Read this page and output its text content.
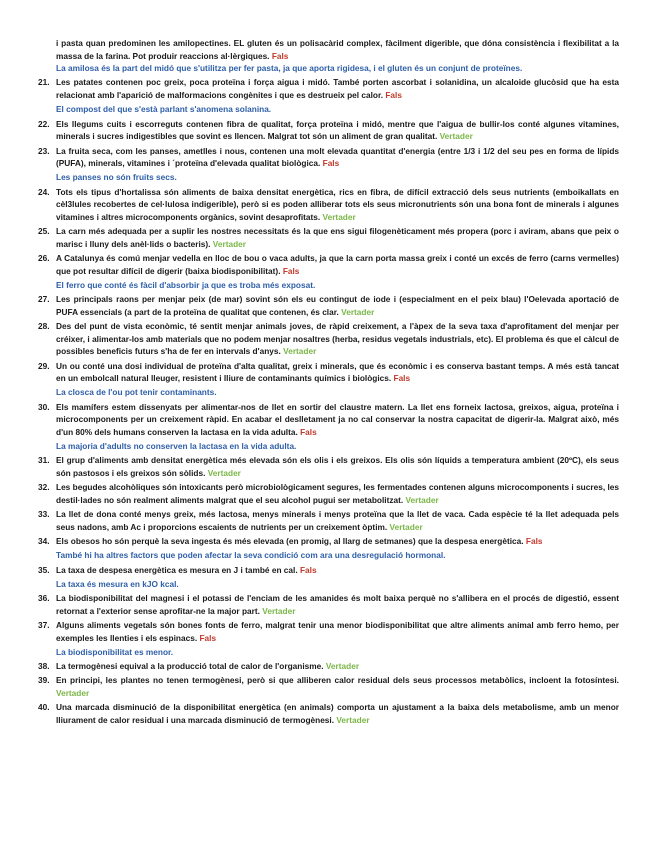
i pasta quan predominen les amilopectines. EL gluten és un polisacàrid complex, fàcilment digerible, que dóna consistència i flexibilitat a la massa de la farina. Pot produir reaccions al·lèrgiques. Fals
La amilosa és la part del midó que s'utilitza per fer pasta, ja que aporta rigidesa, i el gluten és un conjunt de proteïnes.
21. Les patates contenen poc greix, poca proteïna i força aigua i midó. També porten ascorbat i solanidina, un alcaloide glucòsid que ha esta relacionat amb l'aparició de malformacions congènites i que es destrueix pel calor. Fals
El compost del que s'està parlant s'anomena solanina.
22. Els llegums cuits i escorreguts contenen fibra de qualitat, força proteïna i midó, mentre que l'aigua de bullir-los conté algunes vitamines, minerals i sucres indigestibles que sovint es llencen. Malgrat tot són un aliment de gran qualitat. Vertader
23. La fruita seca, com les panses, ametlles i nous, contenen una molt elevada quantitat d'energia (entre 1/3 i 1/2 del seu pes en forma de lípids (PUFA), minerals, vitamines i ´proteïna d'elevada qualitat biològica. Fals
Les panses no són fruits secs.
24. Tots els tipus d'hortalissa són aliments de baixa densitat energètica, rics en fibra, de difícil extracció dels seus nutrients (emboikallats en cèl3lules recobertes de cel·lulosa indigerible), però si es poden alliberar tots els seus micronutrients són una bona font de minerals i algunes vitamines i altres microcomponents orgànics, sovint desaprofitats. Vertader
25. La carn més adequada per a suplir les nostres necessitats és la que ens sigui filogenèticament més propera (porc i aviram, abans que peix o marisc i lluny dels anèl·lids o bacteris). Vertader
26. A Catalunya és comú menjar vedella en lloc de bou o vaca adults, ja que la carn porta massa greix i conté un excés de ferro (carns vermelles) que pot resultar difícil de digerir (baixa biodisponibilitat). Fals
El ferro que conté és fàcil d'absorbir ja que es troba més exposat.
27. Les principals raons per menjar peix (de mar) sovint són els eu contingut de iode i (especialment en el peix blau) l'Oelevada aportació de PUFA essencials (a part de la proteïna de qualitat que contenen, és clar. Vertader
28. Des del punt de vista econòmic, té sentit menjar animals joves, de ràpid creixement, a l'àpex de la seva taxa d'aprofitament del menjar per créixer, i alimentar-los amb materials que no podem menjar nosaltres (herba, residus vegetals industrials, etc). El problema és que el càlcul de possibles beneficis futurs s'ha de fer en intervals d'anys. Vertader
29. Un ou conté una dosi individual de proteïna d'alta qualitat, greix i minerals, que és econòmic i es conserva bastant temps. A més està tancat en un embolcall natural lleuger, resistent i lliure de contaminants químics i biològics. Fals
La closca de l'ou pot tenir contaminants.
30. Els mamífers estem dissenyats per alimentar-nos de llet en sortir del claustre matern. La llet ens forneix lactosa, greixos, aigua, proteïna i microcomponents per un creixement ràpid. En acabar el deslletament ja no cal conservar la nostra capacitat de digerir-la. Malgrat això, més d'un 80% dels humans conserven la lactasa en la vida adulta. Fals
La majoria d'adults no conserven la lactasa en la vida adulta.
31. El grup d'aliments amb densitat energètica més elevada són els olis i els greixos. Els olis són líquids a temperatura ambient (20ºC), els seus són pastosos i els greixos són sòlids. Vertader
32. Les begudes alcohòliques són intoxicants però microbiològicament segures, les fermentades contenen alguns microcomponents i sucres, les destil·lades no són realment aliments malgrat que el seu alcohol pugui ser metabolitzat. Vertader
33. La llet de dona conté menys greix, més lactosa, menys minerals i menys proteïna que la llet de vaca. Cada espècie té la llet adequada pels seus nadons, amb Ac i proporcions escaients de nutrients per un creixement òptim. Vertader
34. Els obesos ho són perquè la seva ingesta és més elevada (en promig, al llarg de setmanes) que la despesa energètica. Fals
També hi ha altres factors que poden afectar la seva condició com ara una desregulació hormonal.
35. La taxa de despesa energètica es mesura en J i també en cal. Fals
La taxa és mesura en kJO kcal.
36. La biodisponibilitat del magnesi i el potassi de l'enciam de les amanides és molt baixa perquè no s'allibera en el procés de digestió, essent retornat a l'exterior sense aprofitar-ne la major part. Vertader
37. Alguns aliments vegetals són bones fonts de ferro, malgrat tenir una menor biodisponibilitat que altre aliments animal amb ferro hemo, per exemples les llenties i els espinacs. Fals
La biodisponibilitat es menor.
38. La termogènesi equival a la producció total de calor de l'organisme. Vertader
39. En principi, les plantes no tenen termogènesi, però si que alliberen calor residual dels seus processos metabòlics, incloent la fotosíntesi. Vertader
40. Una marcada disminució de la disponibilitat energètica (en animals) comporta un ajustament a la baixa dels metabolisme, amb un menor lliurament de calor residual i una marcada disminució de termogènesi. Vertader
